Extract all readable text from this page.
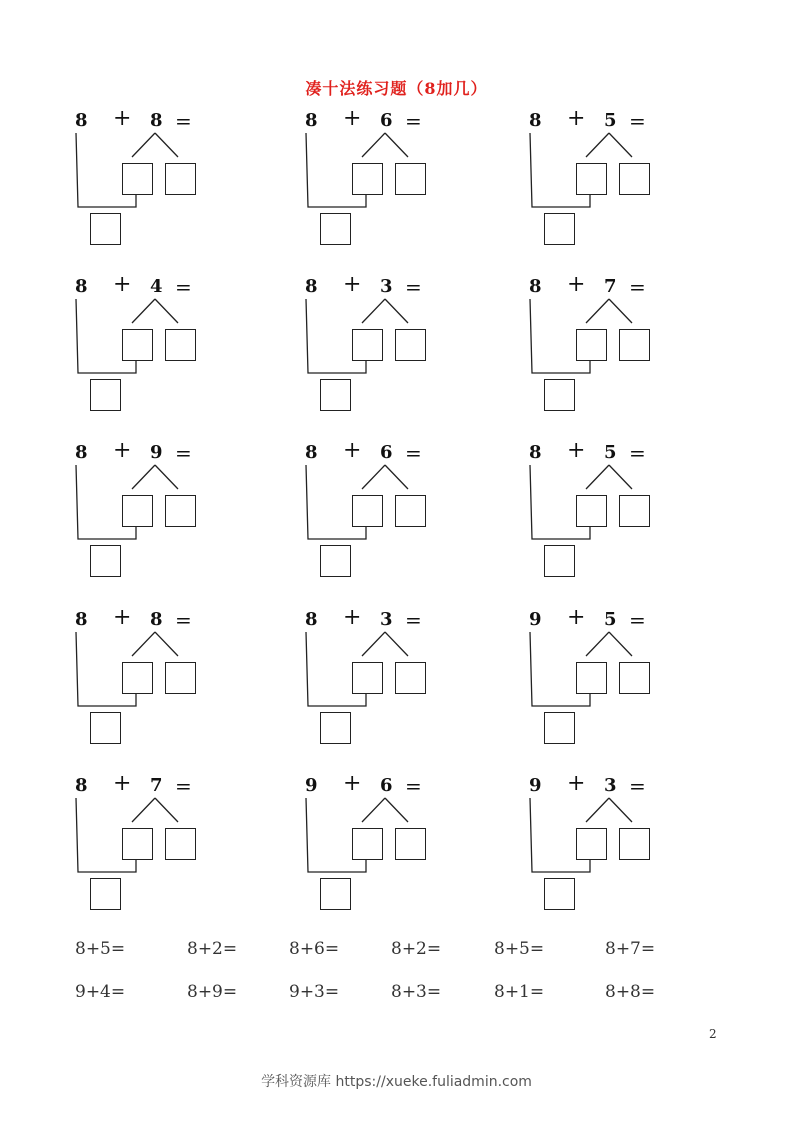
凑十法练习题（8加几）
8 + 8 =	8 + 6 =	8 + 5 =
8 + 4 =	8 + 3 =	8 + 7 =
8 + 9 =	8 + 6 =	8 + 5 =
8 + 8 =	8 + 3 =	9 + 5 =
8 + 7 =	9 + 6 =	9 + 3 =
8+5=	8+2=	8+6=	8+2=	8+5=	8+7=
9+4=	8+9=	9+3=	8+3=	8+1=	8+8=
2
学科资源库 https://xueke.fuliadmin.com
